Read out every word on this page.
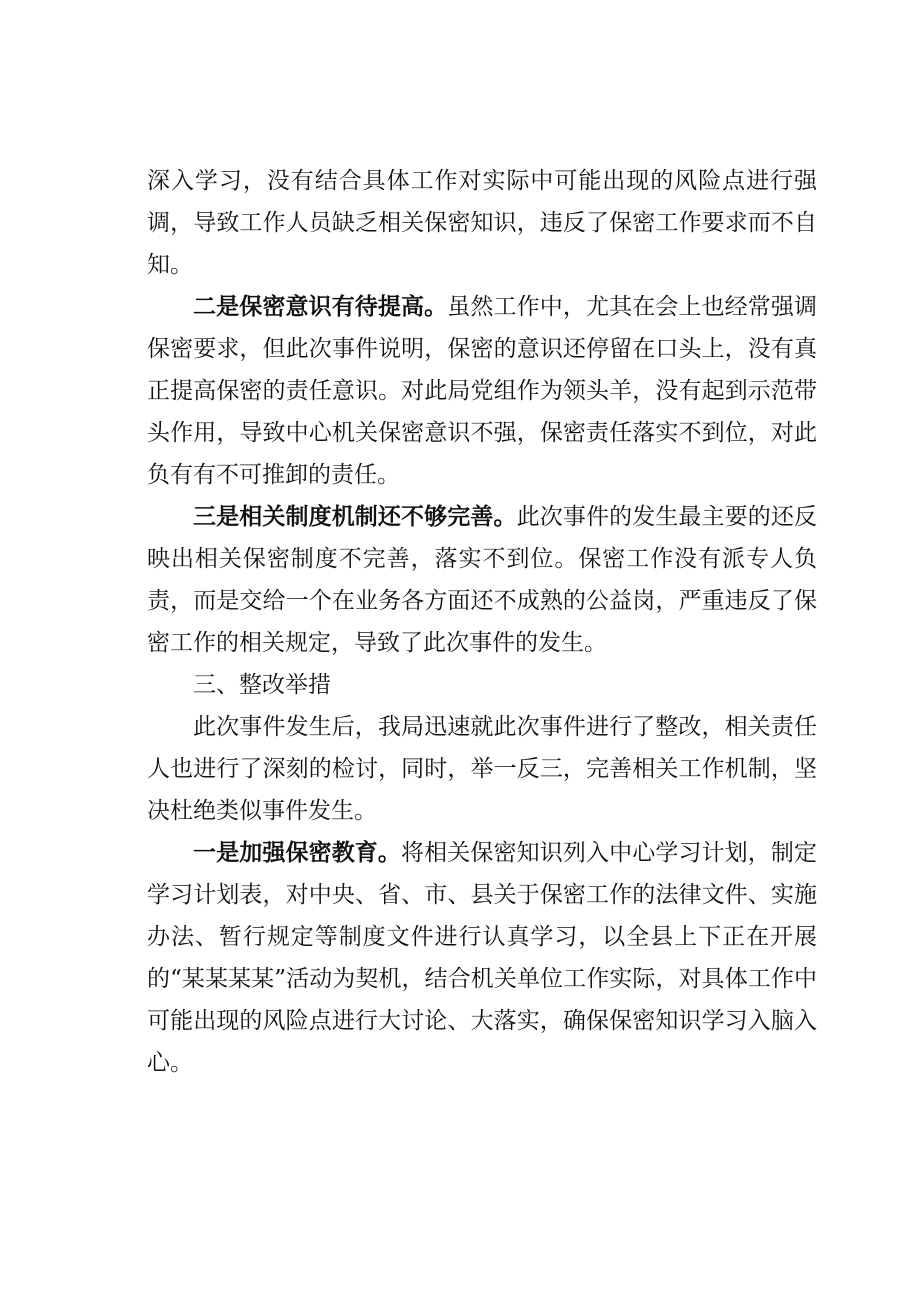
深入学习，没有结合具体工作对实际中可能出现的风险点进行强调，导致工作人员缺乏相关保密知识，违反了保密工作要求而不自知。

二是保密意识有待提高。虽然工作中，尤其在会上也经常强调保密要求，但此次事件说明，保密的意识还停留在口头上，没有真正提高保密的责任意识。对此局党组作为领头羊，没有起到示范带头作用，导致中心机关保密意识不强，保密责任落实不到位，对此负有有不可推卸的责任。

三是相关制度机制还不够完善。此次事件的发生最主要的还反映出相关保密制度不完善，落实不到位。保密工作没有派专人负责，而是交给一个在业务各方面还不成熟的公益岗，严重违反了保密工作的相关规定，导致了此次事件的发生。

三、整改举措

此次事件发生后，我局迅速就此次事件进行了整改，相关责任人也进行了深刻的检讨，同时，举一反三，完善相关工作机制，坚决杜绝类似事件发生。

一是加强保密教育。将相关保密知识列入中心学习计划，制定学习计划表，对中央、省、市、县关于保密工作的法律文件、实施办法、暂行规定等制度文件进行认真学习，以全县上下正在开展的“某某某某”活动为契机，结合机关单位工作实际，对具体工作中可能出现的风险点进行大讨论、大落实，确保保密知识学习入脑入心。
